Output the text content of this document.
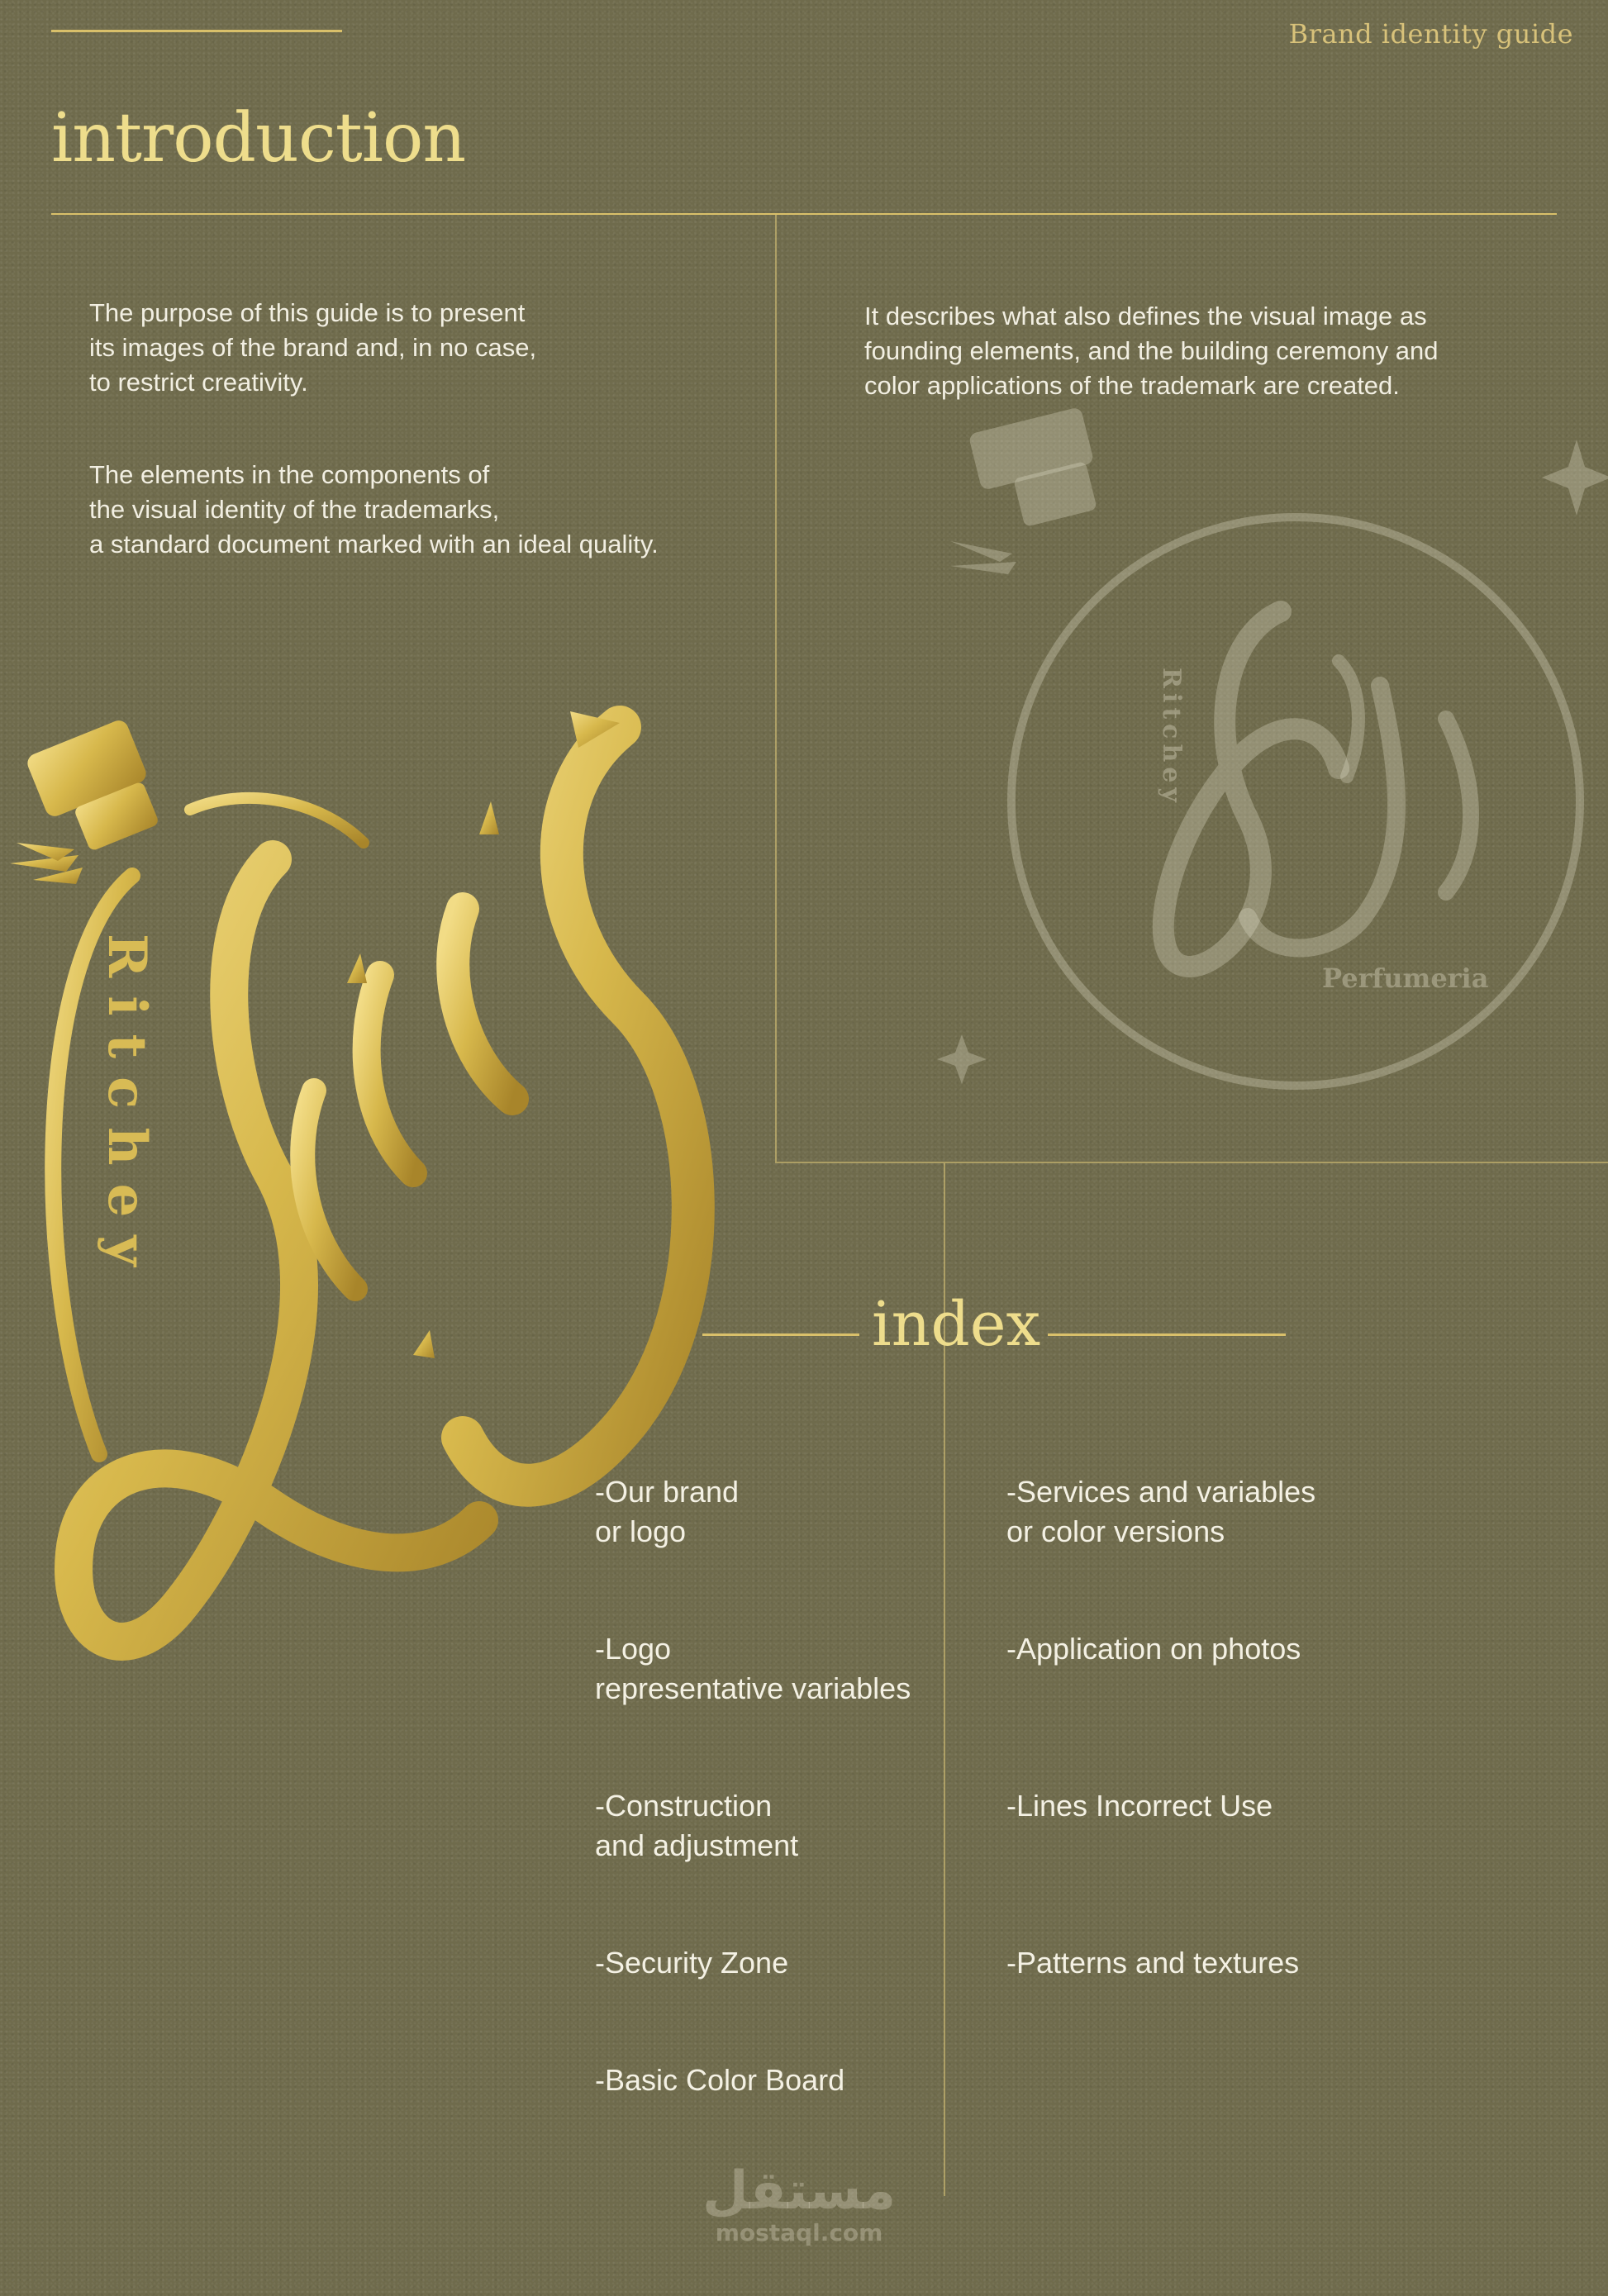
Brand identity guide
introduction
The purpose of this guide is to present
its images of the brand and, in no case,
to restrict creativity.
The elements in the components of
the visual identity of the trademarks,
a standard document marked with an ideal quality.
It describes what also defines the visual image as
founding elements, and the building ceremony and
color applications of the trademark are created.
Ritchey
Perfumeria
Ritchey
index
-Our brand
or logo
-Logo
representative variables
-Construction
and adjustment
-Security Zone
-Basic Color Board
-Services and variables
or color versions
-Application on photos
-Lines Incorrect Use
-Patterns and textures
مستقل
mostaql.com
